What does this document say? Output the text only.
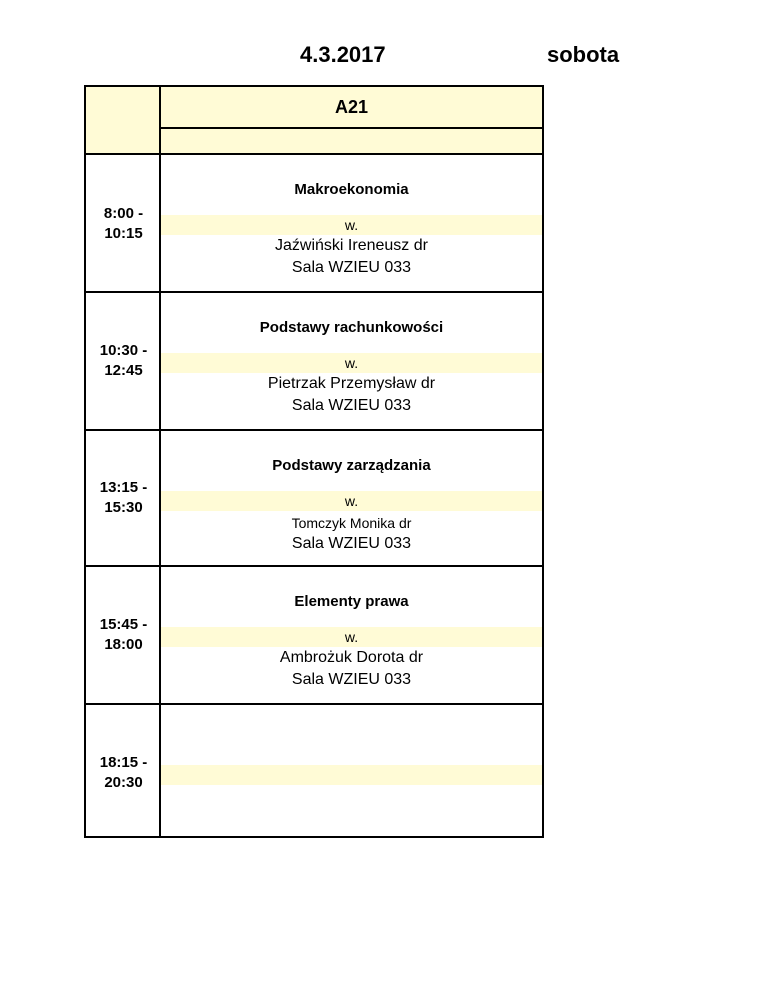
4.3.2017	sobota
A21
8:00 -
10:15
Makroekonomia
w.
Jaźwiński Ireneusz dr
Sala WZIEU 033
10:30 -
12:45
Podstawy rachunkowości
w.
Pietrzak Przemysław dr
Sala WZIEU 033
13:15 -
15:30
Podstawy zarządzania
w.
Tomczyk Monika dr
Sala WZIEU 033
15:45 -
18:00
Elementy prawa
w.
Ambrożuk Dorota dr
Sala WZIEU 033
18:15 -
20:30
